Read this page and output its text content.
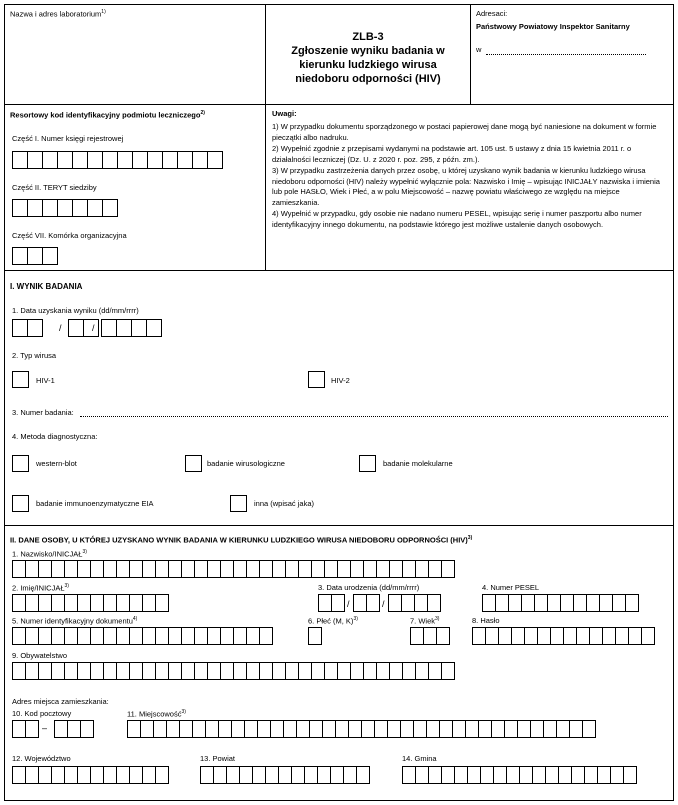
Nazwa i adres laboratorium$^{1)}$
ZLB-3
Zgłoszenie wyniku badania w kierunku ludzkiego wirusa niedoboru odporności (HIV)
Adresaci:
Państwowy Powiatowy Inspektor Sanitarny
w
Resortowy kod identyfikacyjny podmiotu leczniczego$^{2)}$
Część I. Numer księgi rejestrowej
Część II. TERYT siedziby
Część VII. Komórka organizacyjna
Uwagi:

1) W przypadku dokumentu sporządzonego w postaci papierowej dane mogą być naniesione na dokument w formie pieczątki albo nadruku.

2) Wypełnić zgodnie z przepisami wydanymi na podstawie art. 105 ust. 5 ustawy z dnia 15 kwietnia 2011 r. o działalności leczniczej (Dz. U. z 2020 r. poz. 295, z późn. zm.).

3) W przypadku zastrzeżenia danych przez osobę, u której uzyskano wynik badania w kierunku ludzkiego wirusa niedoboru odporności (HIV) należy wypełnić wyłącznie pola: Nazwisko i Imię – wpisując INICJAŁY nazwiska i imienia lub pole HASŁO, Wiek i Płeć, a w polu Miejscowość – nazwę powiatu właściwego ze względu na miejsce zamieszkania.

4) Wypełnić w przypadku, gdy osobie nie nadano numeru PESEL, wpisując serię i numer paszportu albo numer identyfikacyjny innego dokumentu, na podstawie którego jest możliwe ustalenie danych osobowych.

I. WYNIK BADANIA
1. Data uzyskania wyniku (dd/mm/rrrr)
/	/
2. Typ wirusa
HIV-1	HIV-2
3. Numer badania:
4. Metoda diagnostyczna:
western-blot	badanie wirusologiczne	badanie molekularne
badanie immunoenzymatyczne EIA	inna (wpisać jaka)
II. DANE OSOBY, U KTÓREJ UZYSKANO WYNIK BADANIA W KIERUNKU LUDZKIEGO WIRUSA NIEDOBORU ODPORNOŚCI (HIV)$^{3)}$
1. Nazwisko/INICJAŁ$^{3)}$
2. Imię/INICJAŁ$^{3)}$	3. Data urodzenia (dd/mm/rrrr)
/	/
4. Numer PESEL
5. Numer identyfikacyjny dokumentu$^{4)}$	6. Płeć (M, K)$^{3)}$	7. Wiek$^{3)}$	8. Hasło
9. Obywatelstwo
Adres miejsca zamieszkania:
10. Kod pocztowy
–
11. Miejscowość$^{3)}$
12. Województwo	13. Powiat	14. Gmina
